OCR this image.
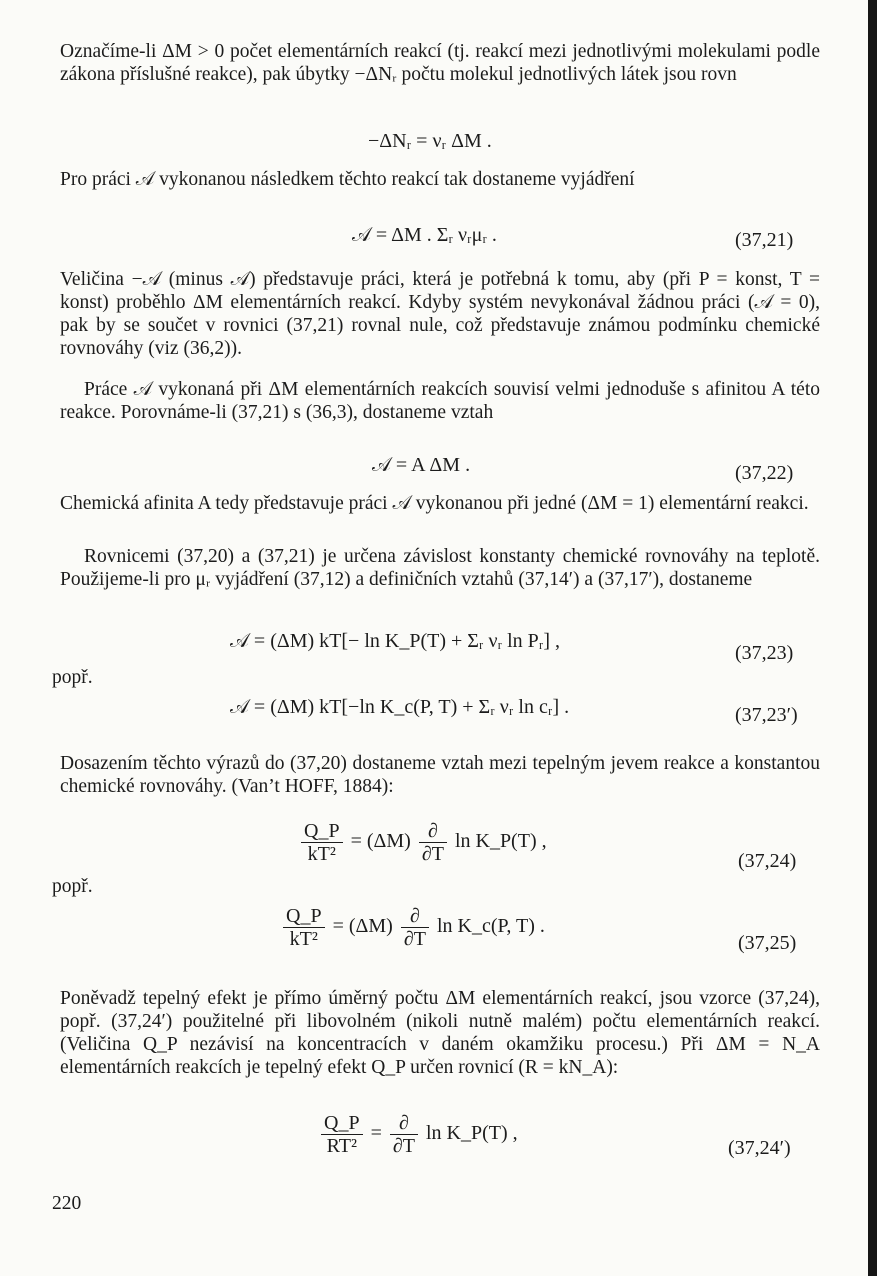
Označíme-li ΔM > 0 počet elementárních reakcí (tj. reakcí mezi jednotlivými molekulami podle zákona příslušné reakce), pak úbytky −ΔNᵣ počtu molekul jednotlivých látek jsou rovn

−ΔNᵣ = νᵣ ΔM .

Pro práci 𝒜 vykonanou následkem těchto reakcí tak dostaneme vyjádření

𝒜 = ΔM . Σᵣ νᵣμᵣ .	(37,21)

Veličina −𝒜 (minus 𝒜) představuje práci, která je potřebná k tomu, aby (při P = konst, T = konst) proběhlo ΔM elementárních reakcí. Kdyby systém nevykonával žádnou práci (𝒜 = 0), pak by se součet v rovnici (37,21) rovnal nule, což představuje známou podmínku chemické rovnováhy (viz (36,2)).

Práce 𝒜 vykonaná při ΔM elementárních reakcích souvisí velmi jednoduše s afinitou A této reakce. Porovnáme-li (37,21) s (36,3), dostaneme vztah

𝒜 = A ΔM .	(37,22)

Chemická afinita A tedy představuje práci 𝒜 vykonanou při jedné (ΔM = 1) elementární reakci.

Rovnicemi (37,20) a (37,21) je určena závislost konstanty chemické rovnováhy na teplotě. Použijeme-li pro μᵣ vyjádření (37,12) a definičních vztahů (37,14′) a (37,17′), dostaneme

𝒜 = (ΔM) kT[− ln K_P(T) + Σᵣ νᵣ ln Pᵣ] ,

(37,23)

popř.

𝒜 = (ΔM) kT[−ln K_c(P, T) + Σᵣ νᵣ ln cᵣ] .	(37,23′)

Dosazením těchto výrazů do (37,20) dostaneme vztah mezi tepelným jevem reakce a konstantou chemické rovnováhy. (Van’t HOFF, 1884):

$\frac{Q\_P}{\text{kT²}} = (\Delta M) \frac{\partial}{\partial T}$ ln K_P(T) ,

(37,24)

popř.

$\frac{Q\_P}{\text{kT²}} = (\Delta M) \frac{\partial}{\partial T}$ ln K_c(P, T) .

(37,25)

Poněvadž tepelný efekt je přímo úměrný počtu ΔM elementárních reakcí, jsou vzorce (37,24), popř. (37,24′) použitelné při libovolném (nikoli nutně malém) počtu elementárních reakcí. (Veličina Q_P nezávisí na koncentracích v daném okamžiku procesu.) Při ΔM = N_A elementárních reakcích je tepelný efekt Q_P určen rovnicí (R = kN_A):

$\frac{Q\_P}{\text{RT²}} = \frac{\partial}{\partial T}$ ln K_P(T) ,

(37,24′)

220
